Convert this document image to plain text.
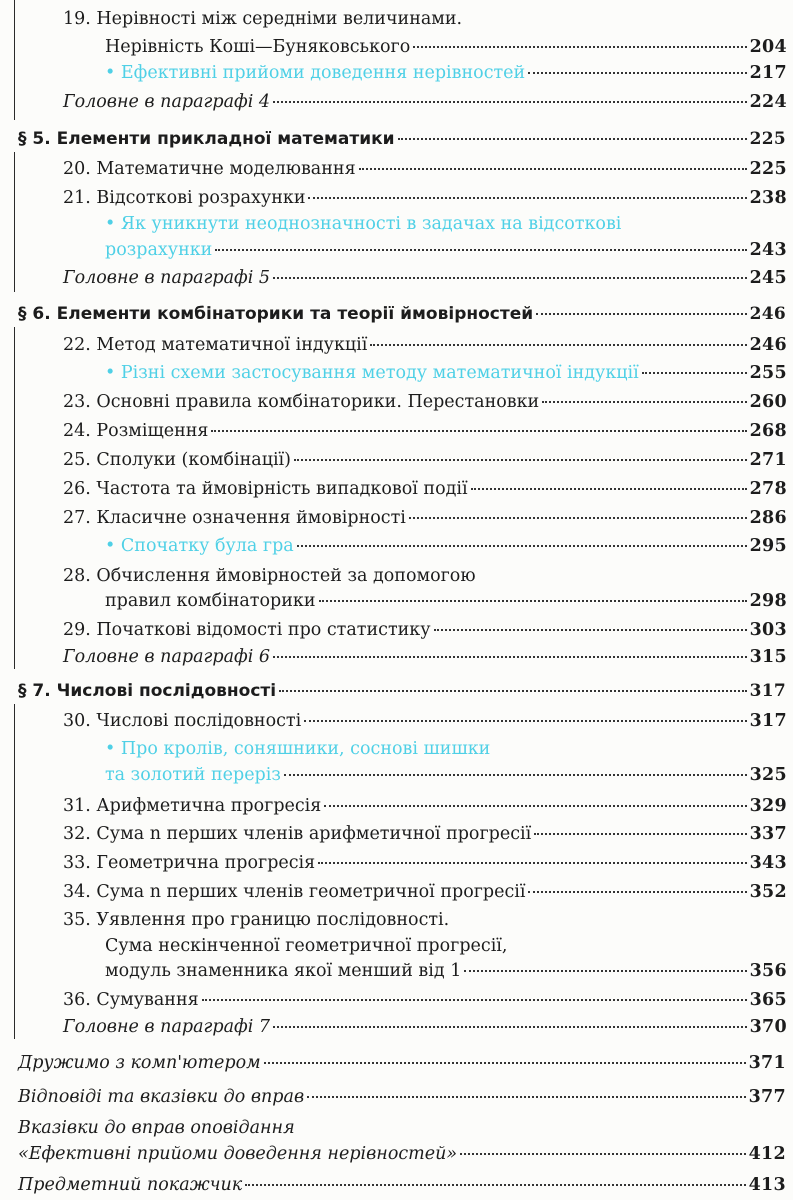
19. Нерівності між середніми величинами.
Нерівність Коші—Буняковського	204
• Ефективні прийоми доведення нерівностей	217
Головне в параграфі 4	224
§ 5. Елементи прикладної математики	225
20. Математичне моделювання	225
21. Відсоткові розрахунки	238
• Як уникнути неоднозначності в задачах на відсоткові
розрахунки	243
Головне в параграфі 5	245
§ 6. Елементи комбінаторики та теорії ймовірностей	246
22. Метод математичної індукції	246
• Різні схеми застосування методу математичної індукції	255
23. Основні правила комбінаторики. Перестановки	260
24. Розміщення	268
25. Сполуки (комбінації)	271
26. Частота та ймовірність випадкової події	278
27. Класичне означення ймовірності	286
• Спочатку була гра	295
28. Обчислення ймовірностей за допомогою
правил комбінаторики	298
29. Початкові відомості про статистику	303
Головне в параграфі 6	315
§ 7. Числові послідовності	317
30. Числові послідовності	317
• Про кролів, соняшники, соснові шишки
та золотий переріз	325
31. Арифметична прогресія	329
32. Сума n перших членів арифметичної прогресії	337
33. Геометрична прогресія	343
34. Сума n перших членів геометричної прогресії	352
35. Уявлення про границю послідовності.
Сума нескінченної геометричної прогресії,
модуль знаменника якої менший від 1	356
36. Сумування	365
Головне в параграфі 7	370
Дружимо з комп'ютером	371
Відповіді та вказівки до вправ	377
Вказівки до вправ оповідання
«Ефективні прийоми доведення нерівностей»	412
Предметний покажчик	413
